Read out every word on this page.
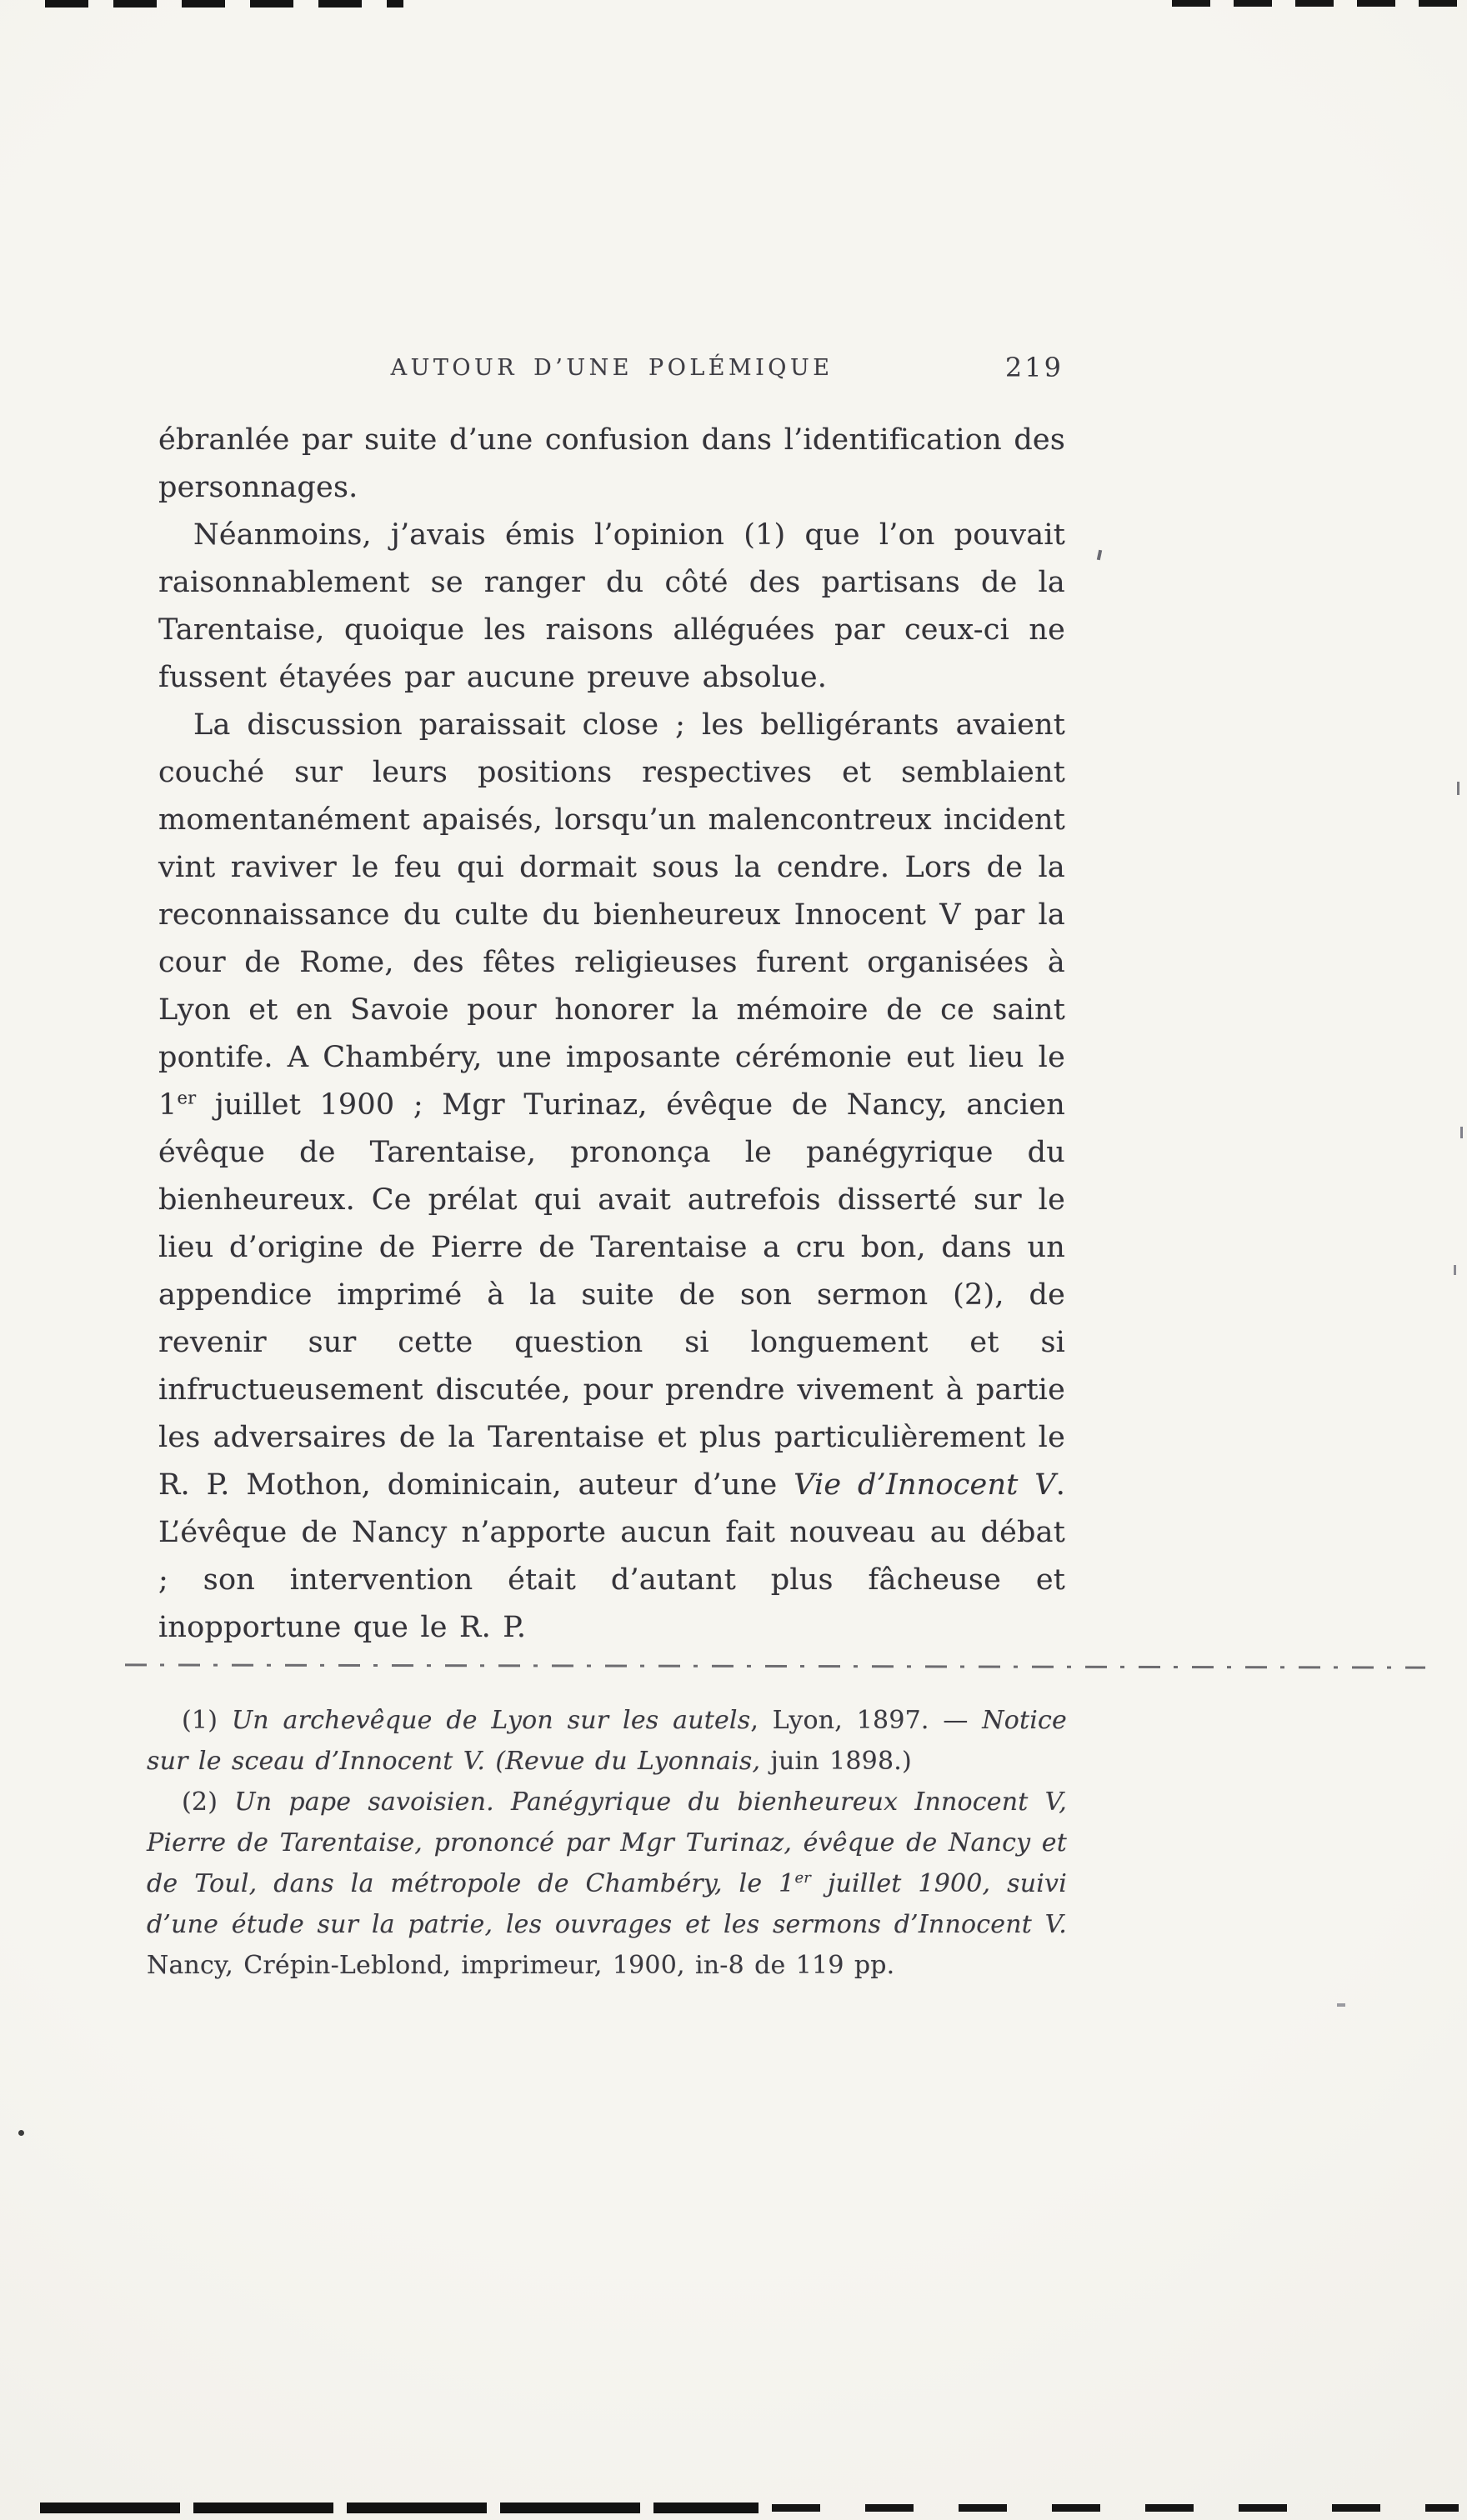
AUTOUR D’UNE POLÉMIQUE	219

ébranlée par suite d’une confusion dans l’identification des personnages.

Néanmoins, j’avais émis l’opinion (1) que l’on pouvait raisonnablement se ranger du côté des partisans de la Tarentaise, quoique les raisons alléguées par ceux-ci ne fussent étayées par aucune preuve absolue.

La discussion paraissait close ; les belligérants avaient couché sur leurs positions respectives et semblaient momentanément apaisés, lorsqu’un malencontreux incident vint raviver le feu qui dormait sous la cendre. Lors de la reconnaissance du culte du bienheureux Innocent V par la cour de Rome, des fêtes religieuses furent organisées à Lyon et en Savoie pour honorer la mémoire de ce saint pontife. A Chambéry, une imposante cérémonie eut lieu le 1er juillet 1900 ; Mgr Turinaz, évêque de Nancy, ancien évêque de Tarentaise, prononça le panégyrique du bienheureux. Ce prélat qui avait autrefois disserté sur le lieu d’origine de Pierre de Tarentaise a cru bon, dans un appendice imprimé à la suite de son sermon (2), de revenir sur cette question si longuement et si infructueusement discutée, pour prendre vivement à partie les adversaires de la Tarentaise et plus particulièrement le R. P. Mothon, dominicain, auteur d’une Vie d’Innocent V. L’évêque de Nancy n’apporte aucun fait nouveau au débat ; son intervention était d’autant plus fâcheuse et inopportune que le R. P.

(1) Un archevêque de Lyon sur les autels, Lyon, 1897. — Notice sur le sceau d’Innocent V. (Revue du Lyonnais, juin 1898.)

(2) Un pape savoisien. Panégyrique du bienheureux Innocent V, Pierre de Tarentaise, prononcé par Mgr Turinaz, évêque de Nancy et de Toul, dans la métropole de Chambéry, le 1er juillet 1900, suivi d’une étude sur la patrie, les ouvrages et les sermons d’Innocent V. Nancy, Crépin-Leblond, imprimeur, 1900, in-8 de 119 pp.
